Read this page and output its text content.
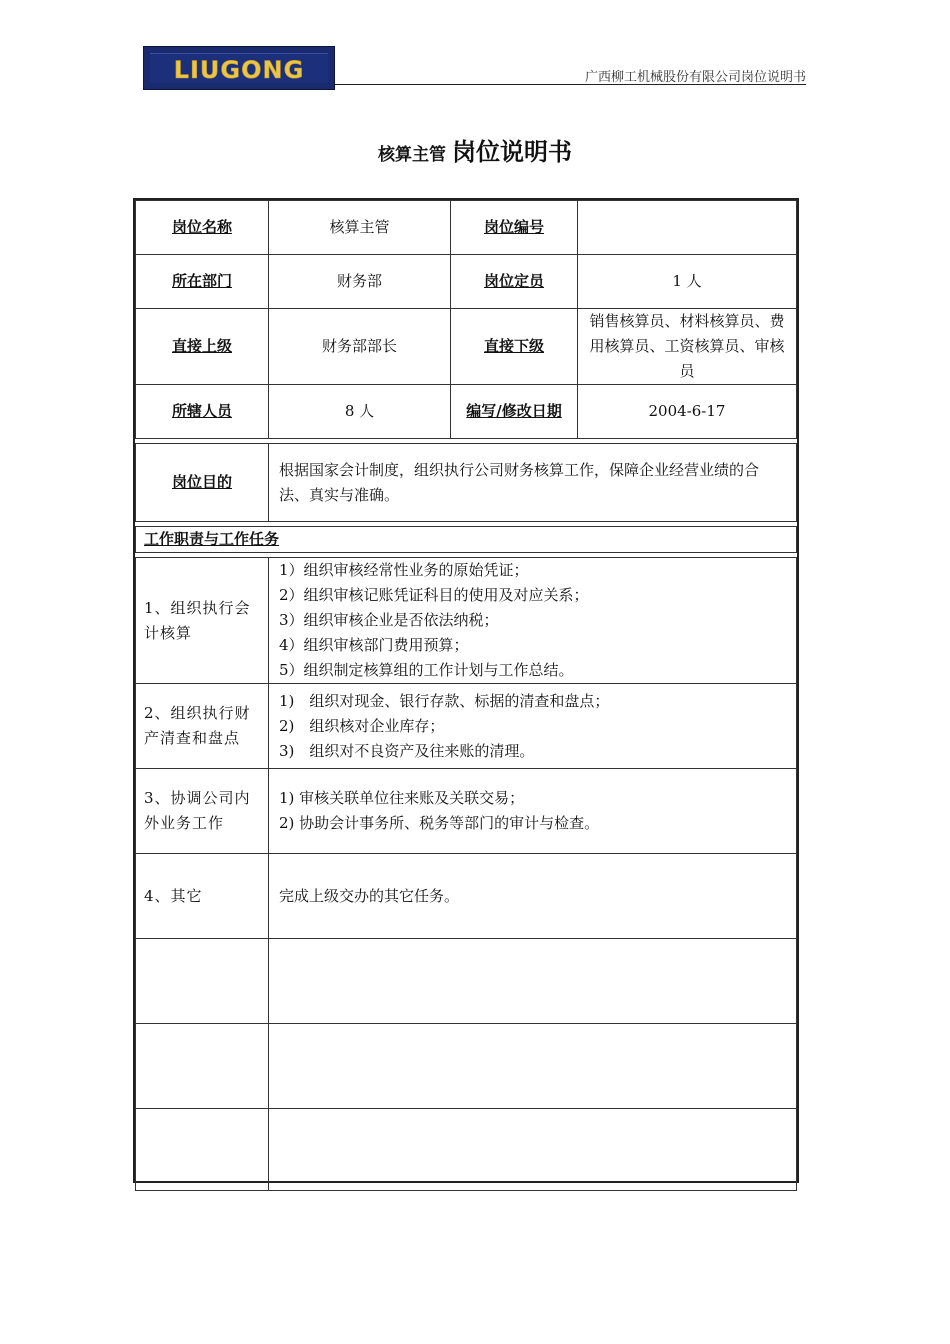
LIUGONG	广西柳工机械股份有限公司岗位说明书
核算主管 岗位说明书
岗位名称	核算主管	岗位编号	
所在部门	财务部	岗位定员	1 人
直接上级	财务部部长	直接下级	销售核算员、材料核算员、费用核算员、工资核算员、审核员
所辖人员	8 人	编写/修改日期	2004-6-17

岗位目的	根据国家会计制度，组织执行公司财务核算工作，保障企业经营业绩的合法、真实与准确。		

工作职责与工作任务			

1、组织执行会计核算	1）组织审核经常性业务的原始凭证；
2）组织审核记账凭证科目的使用及对应关系；
3）组织审核企业是否依法纳税；
4）组织审核部门费用预算；
5）组织制定核算组的工作计划与工作总结。		

2、组织执行财产清查和盘点	1)　组织对现金、银行存款、标据的清查和盘点；
2)　组织核对企业库存；
3)　组织对不良资产及往来账的清理。		

3、协调公司内外业务工作	1) 审核关联单位往来账及关联交易；
2) 协助会计事务所、税务等部门的审计与检查。		

4、其它	完成上级交办的其它任务。		
